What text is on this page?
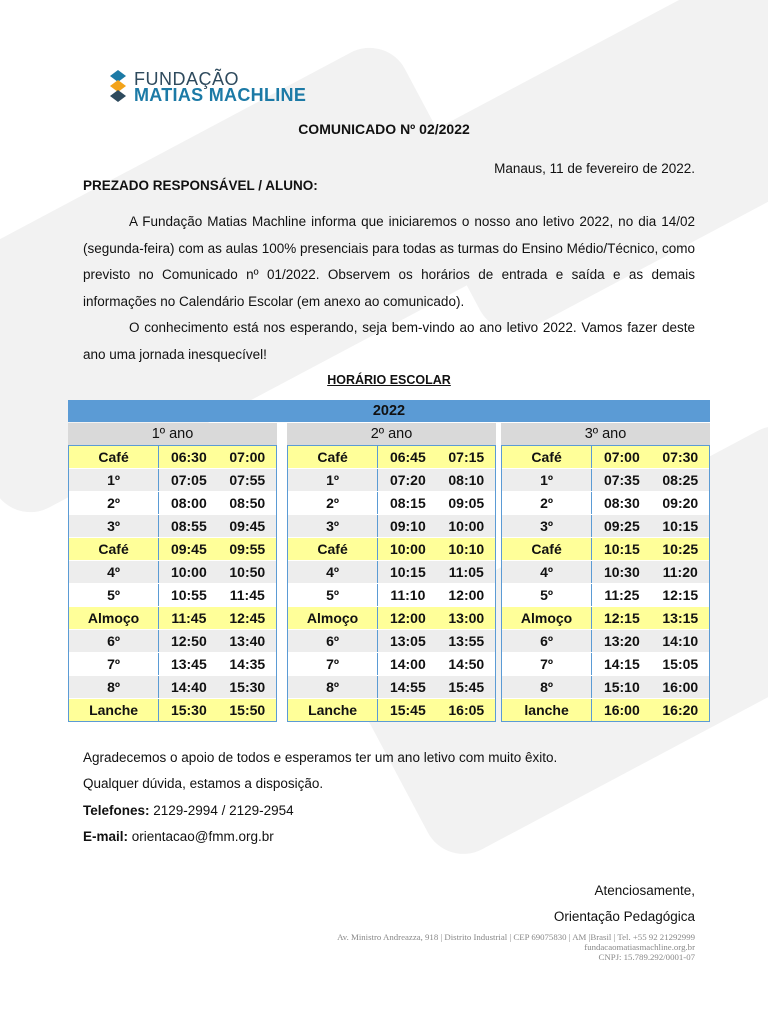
FUNDAÇÃO
MATIAS MACHLINE
COMUNICADO Nº 02/2022
Manaus, 11 de fevereiro de 2022.
PREZADO RESPONSÁVEL / ALUNO:
A Fundação Matias Machline informa que iniciaremos o nosso ano letivo 2022, no dia 14/02 (segunda-feira) com as aulas 100% presenciais para todas as turmas do Ensino Médio/Técnico, como previsto no Comunicado nº 01/2022. Observem os horários de entrada e saída e as demais informações no Calendário Escolar (em anexo ao comunicado).
O conhecimento está nos esperando, seja bem-vindo ao ano letivo 2022. Vamos fazer deste ano uma jornada inesquecível!
HORÁRIO ESCOLAR
2022
1º ano
Café	06:30	07:00
1º	07:05	07:55
2º	08:00	08:50
3º	08:55	09:45
Café	09:45	09:55
4º	10:00	10:50
5º	10:55	11:45
Almoço	11:45	12:45
6º	12:50	13:40
7º	13:45	14:35
8º	14:40	15:30
Lanche	15:30	15:50
2º ano
Café	06:45	07:15
1º	07:20	08:10
2º	08:15	09:05
3º	09:10	10:00
Café	10:00	10:10
4º	10:15	11:05
5º	11:10	12:00
Almoço	12:00	13:00
6º	13:05	13:55
7º	14:00	14:50
8º	14:55	15:45
Lanche	15:45	16:05
3º ano
Café	07:00	07:30
1º	07:35	08:25
2º	08:30	09:20
3º	09:25	10:15
Café	10:15	10:25
4º	10:30	11:20
5º	11:25	12:15
Almoço	12:15	13:15
6º	13:20	14:10
7º	14:15	15:05
8º	15:10	16:00
lanche	16:00	16:20
Agradecemos o apoio de todos e esperamos ter um ano letivo com muito êxito.
Qualquer dúvida, estamos a disposição.
Telefones: 2129-2994 / 2129-2954
E-mail: orientacao@fmm.org.br
Atenciosamente,
Orientação Pedagógica
Av. Ministro Andreazza, 918 | Distrito Industrial | CEP 69075830 | AM |Brasil | Tel. +55 92 21292999
fundacaomatiasmachline.org.br
CNPJ: 15.789.292/0001-07
